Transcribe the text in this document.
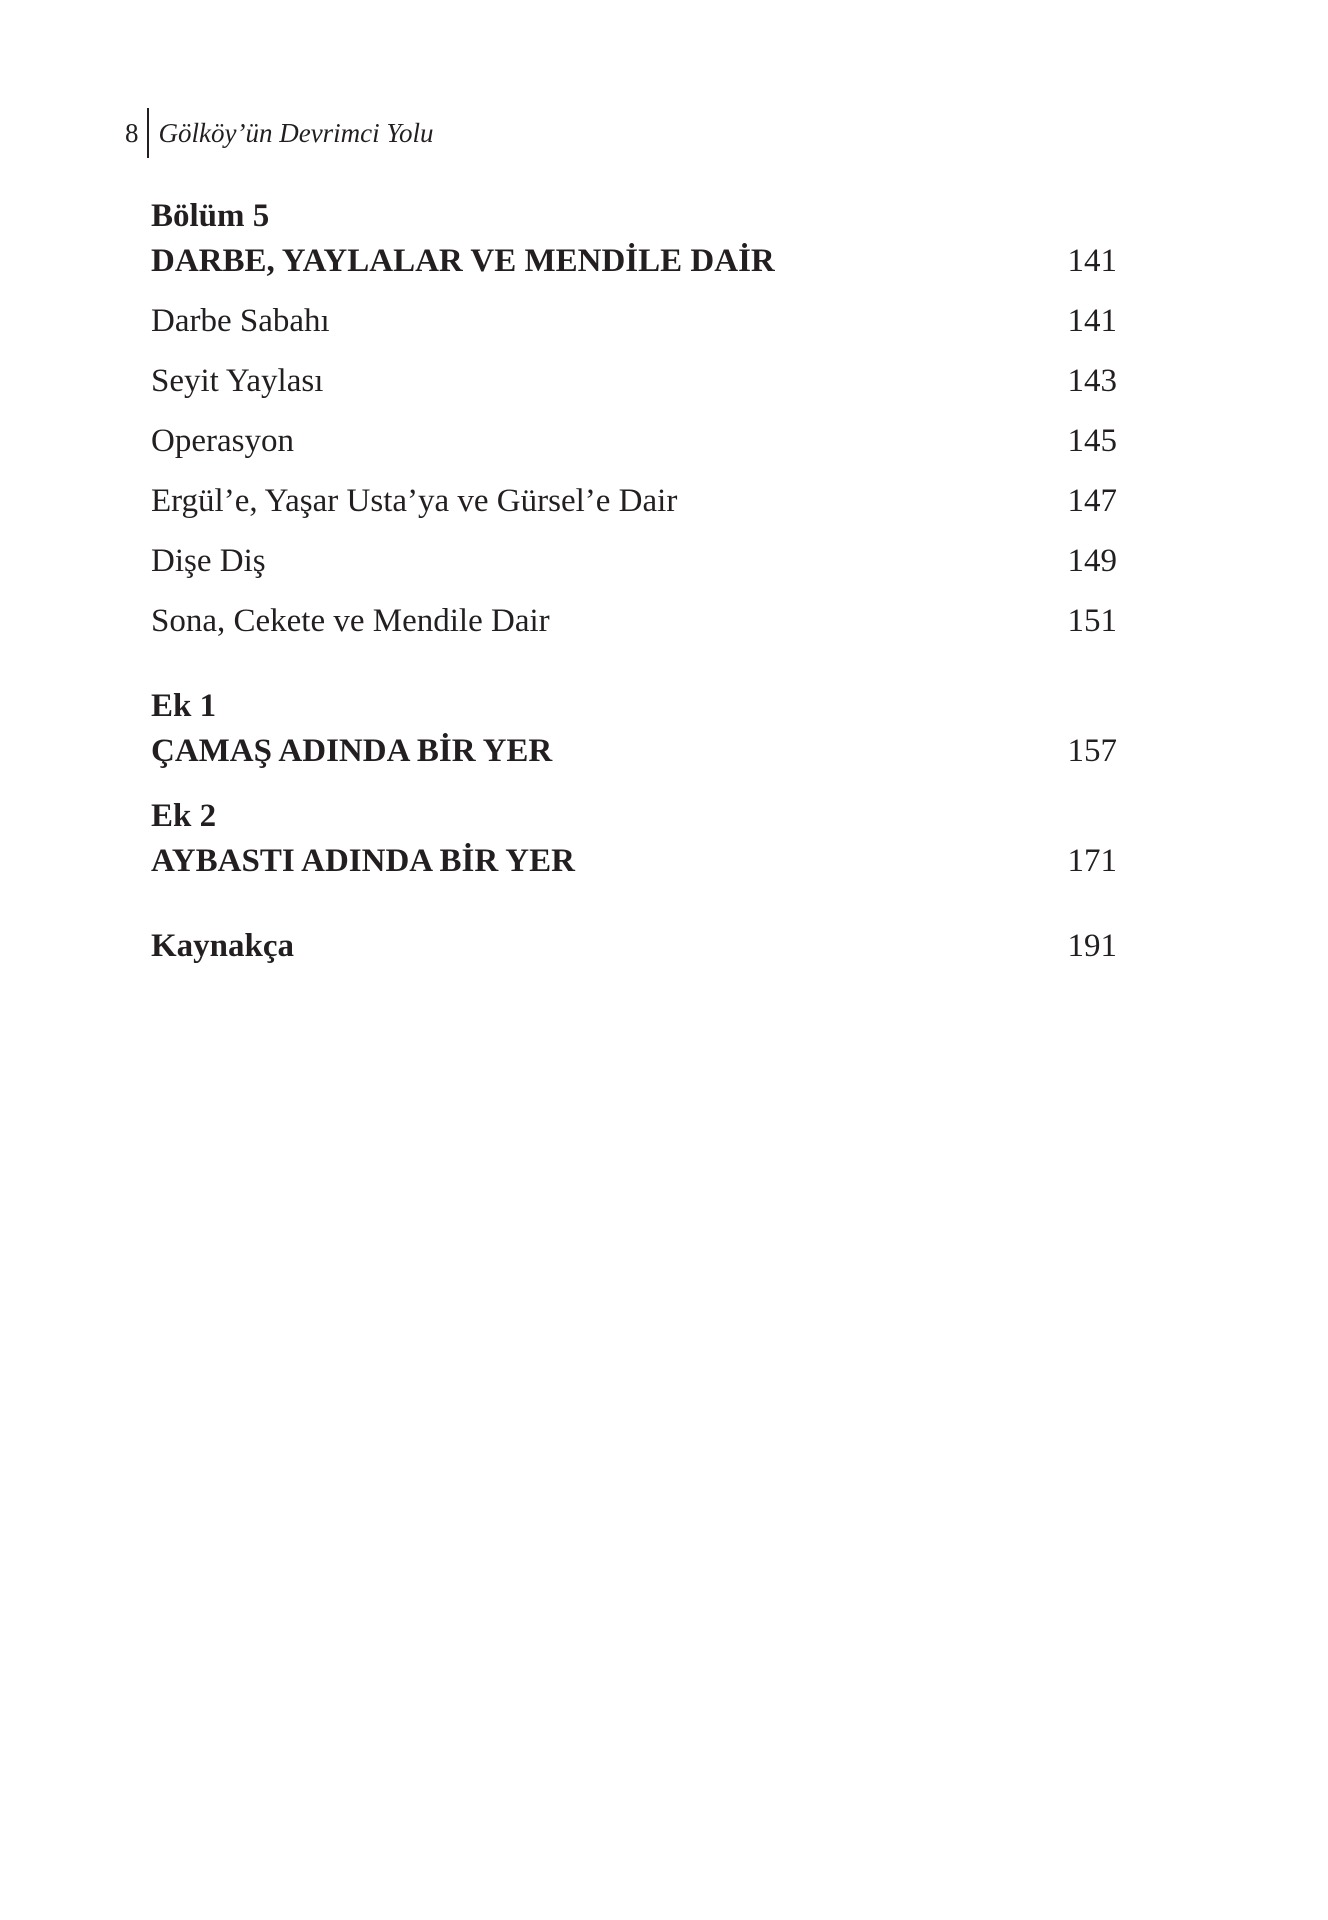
8 Gölköy’ün Devrimci Yolu
Bölüm 5
DARBE, YAYLALAR VE MENDİLE DAİR	141
Darbe Sabahı	141
Seyit Yaylası	143
Operasyon	145
Ergül’e, Yaşar Usta’ya ve Gürsel’e Dair	147
Dişe Diş	149
Sona, Cekete ve Mendile Dair	151
Ek 1
ÇAMAŞ ADINDA BİR YER	157
Ek 2
AYBASTI ADINDA BİR YER	171
Kaynakça	191
